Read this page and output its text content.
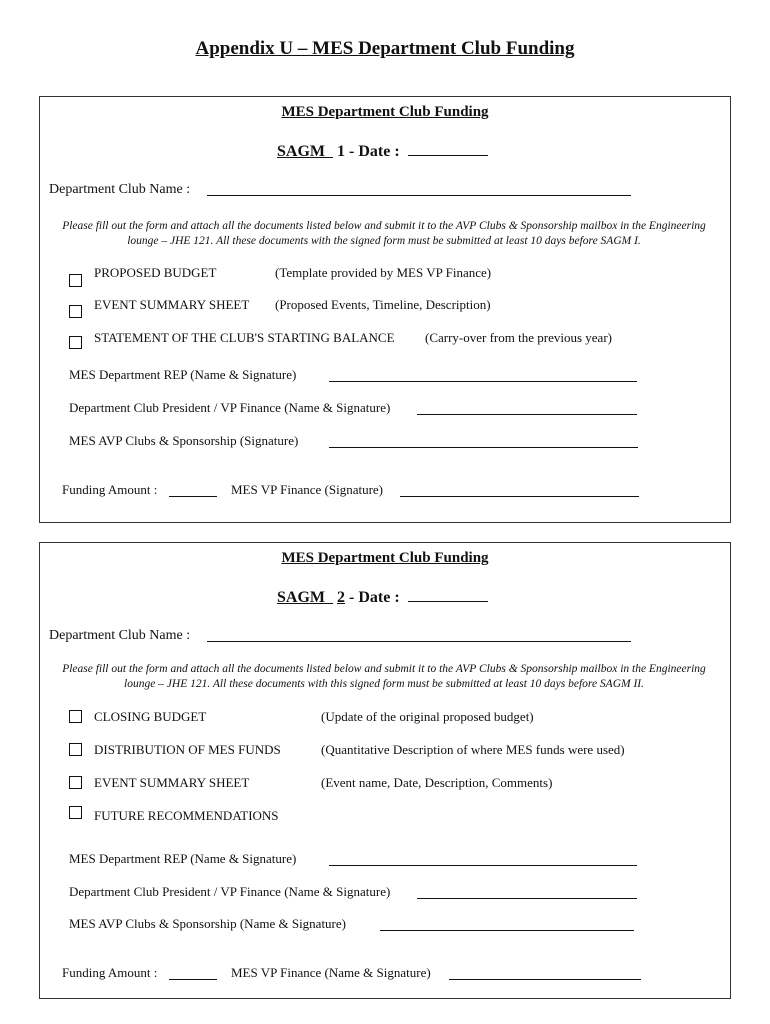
Appendix U – MES Department Club Funding
MES Department Club Funding
SAGM 1 - Date :
Department Club Name :
Please fill out the form and attach all the documents listed below and submit it to the AVP Clubs & Sponsorship mailbox in the Engineering lounge – JHE 121. All these documents with the signed form must be submitted at least 10 days before SAGM I.
PROPOSED BUDGET	(Template provided by MES VP Finance)
EVENT SUMMARY SHEET (Proposed Events, Timeline, Description)
STATEMENT OF THE CLUB'S STARTING BALANCE (Carry-over from the previous year)
MES Department REP (Name & Signature)
Department Club President / VP Finance (Name & Signature)
MES AVP Clubs & Sponsorship (Signature)
Funding Amount :	MES VP Finance (Signature)
MES Department Club Funding
SAGM 2 - Date :
Department Club Name :
Please fill out the form and attach all the documents listed below and submit it to the AVP Clubs & Sponsorship mailbox in the Engineering lounge – JHE 121. All these documents with this signed form must be submitted at least 10 days before SAGM II.
CLOSING BUDGET	(Update of the original proposed budget)
DISTRIBUTION OF MES FUNDS	(Quantitative Description of where MES funds were used)
EVENT SUMMARY SHEET	(Event name, Date, Description, Comments)
FUTURE RECOMMENDATIONS
MES Department REP (Name & Signature)
Department Club President / VP Finance (Name & Signature)
MES AVP Clubs & Sponsorship (Name & Signature)
Funding Amount :	MES VP Finance (Name & Signature)
